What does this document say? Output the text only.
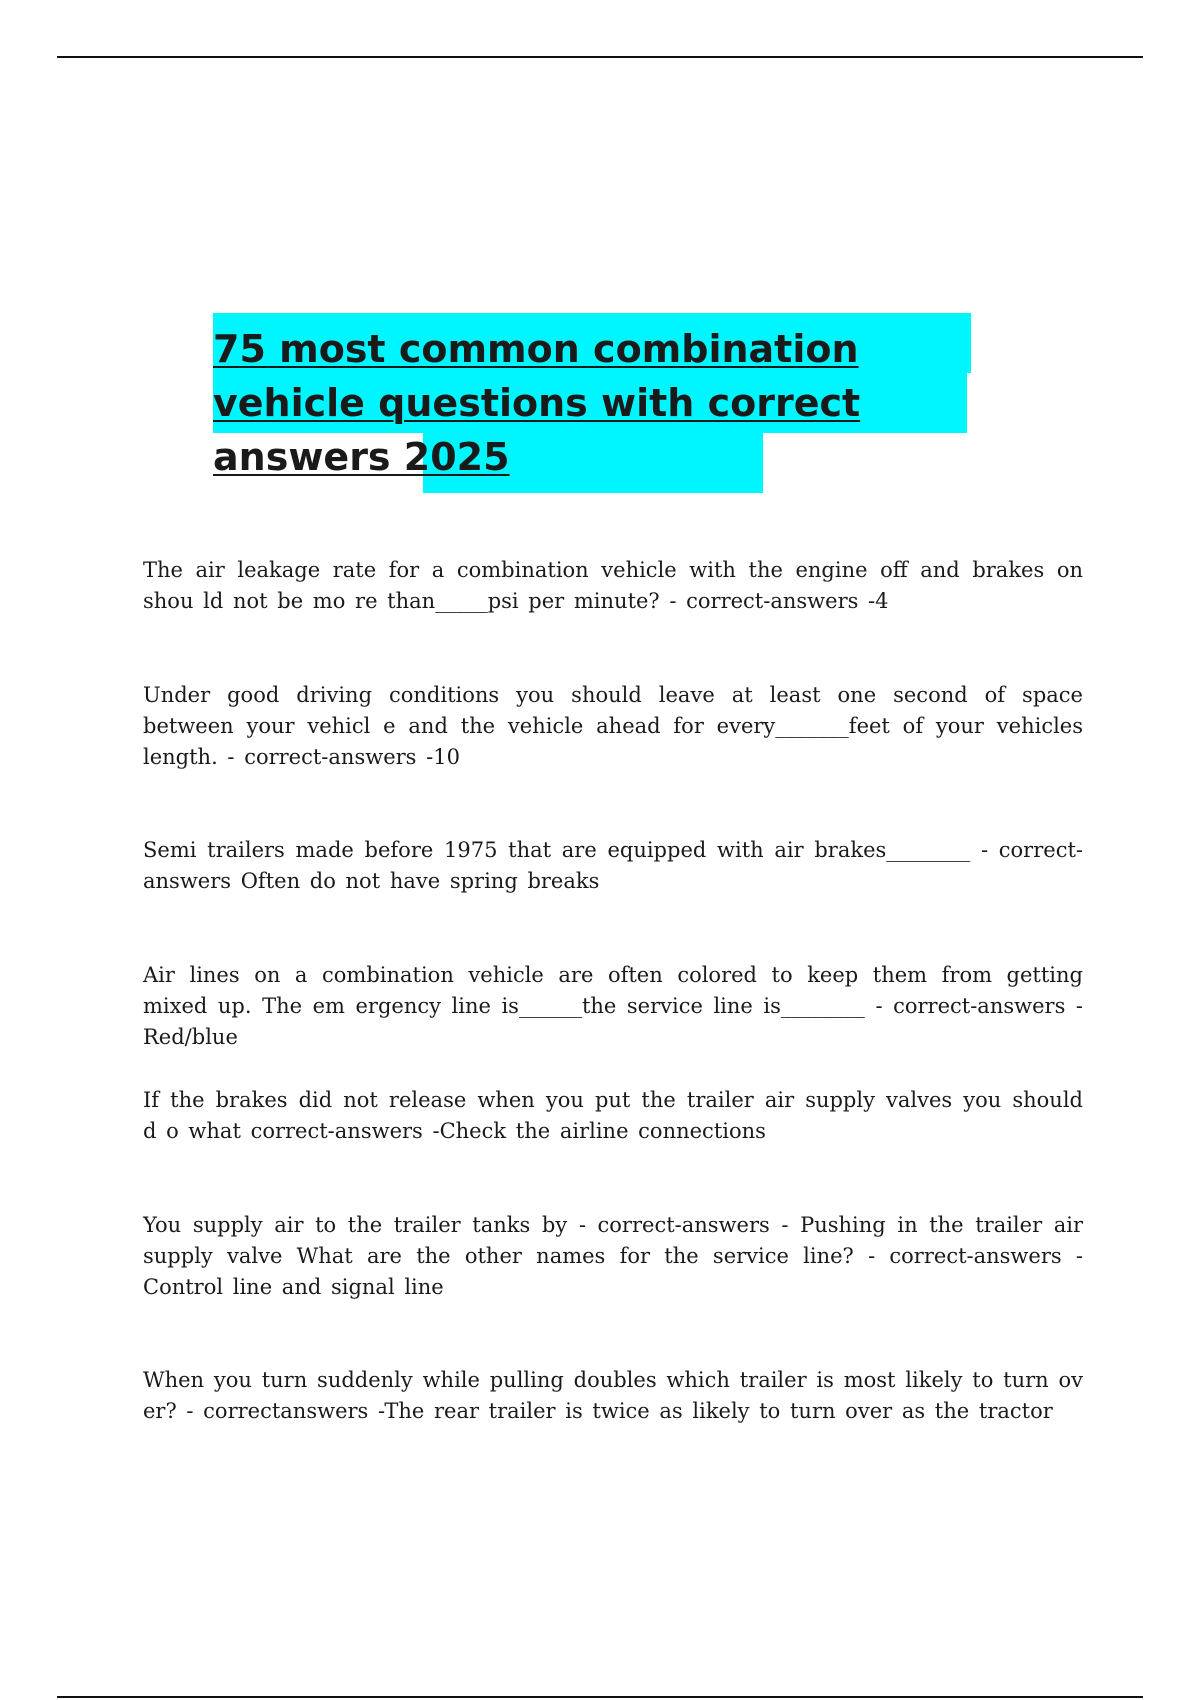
75 most common combination vehicle questions with correct answers 2025

The air leakage rate for a combination vehicle with the engine off and brakes on shou ld not be mo re than_____psi per minute? - correct-answers -4

Under good driving conditions you should leave at least one second of space between your vehicl e and the vehicle ahead for every_______feet of your vehicles length. - correct-answers -10

Semi trailers made before 1975 that are equipped with air brakes________ - correct-answers Often do not have spring breaks

Air lines on a combination vehicle are often colored to keep them from getting mixed up. The em ergency line is______the service line is________ - correct-answers -Red/blue

If the brakes did not release when you put the trailer air supply valves you should d o what correct-answers -Check the airline connections

You supply air to the trailer tanks by - correct-answers - Pushing in the trailer air supply valve What are the other names for the service line? - correct-answers -Control line and signal line

When you turn suddenly while pulling doubles which trailer is most likely to turn ov er? - correctanswers -The rear trailer is twice as likely to turn over as the tractor
